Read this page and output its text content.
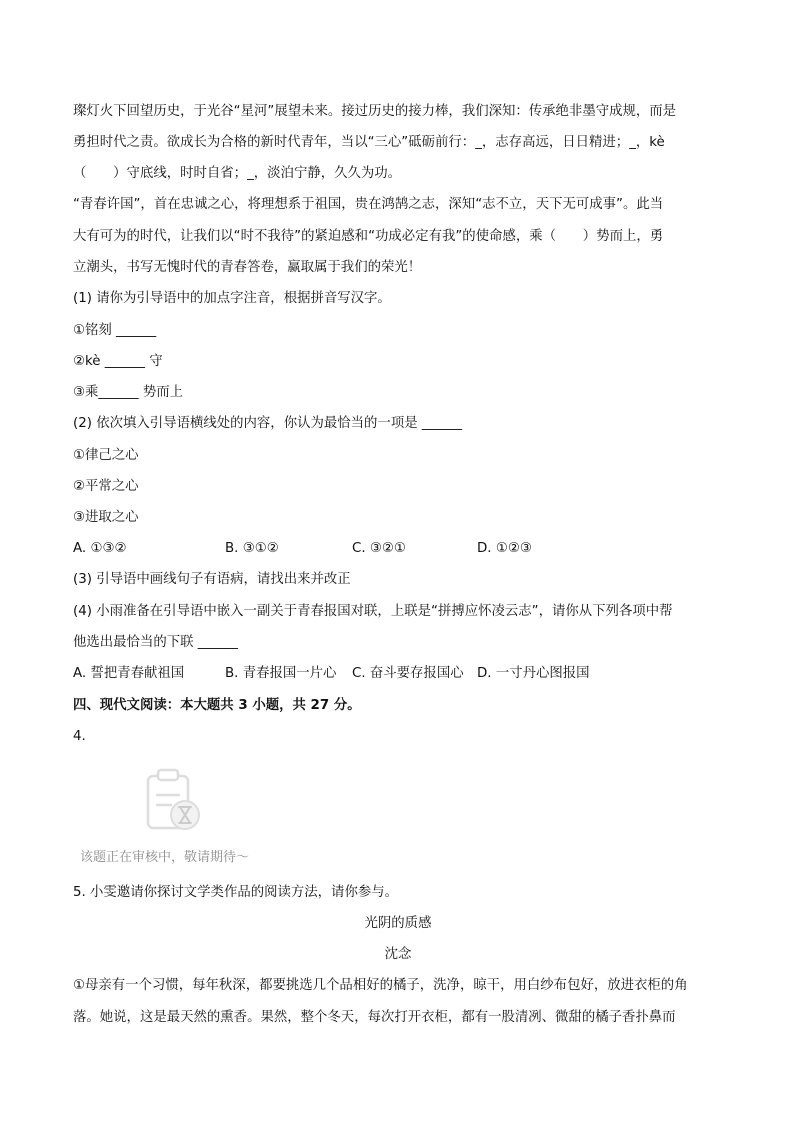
璨灯火下回望历史，于光谷“星河”展望未来。接过历史的接力棒，我们深知：传承绝非墨守成规，而是
勇担时代之责。欲成长为合格的新时代青年，当以“三心”砥砺前行：_，志存高远，日日精进；_，kè
（　　）守底线，时时自省；_，淡泊宁静，久久为功。
“青春许国”，首在忠诚之心，将理想系于祖国，贵在鸿鹄之志，深知“志不立，天下无可成事”。此当
大有可为的时代，让我们以“时不我待”的紧迫感和“功成必定有我”的使命感，乘（　　）势而上，勇
立潮头，书写无愧时代的青春答卷，赢取属于我们的荣光！
(1) 请你为引导语中的加点字注音，根据拼音写汉字。
①铭刻 ______
②kè ______ 守
③乘______ 势而上
(2) 依次填入引导语横线处的内容，你认为最恰当的一项是 ______
①律己之心
②平常之心
③进取之心
A. ①③②	B. ③①②	C. ③②①	D. ①②③
(3) 引导语中画线句子有语病，请找出来并改正
(4) 小雨准备在引导语中嵌入一副关于青春报国对联，上联是“拼搏应怀凌云志”，请你从下列各项中帮
他选出最恰当的下联 ______
A. 誓把青春献祖国	B. 青春报国一片心 C. 奋斗要存报国心 D. 一寸丹心图报国
四、现代文阅读：本大题共 3 小题，共 27 分。
4.
该题正在审核中，敬请期待～
5. 小雯邀请你探讨文学类作品的阅读方法，请你参与。
光阴的质感
沈念
①母亲有一个习惯，每年秋深，都要挑选几个品相好的橘子，洗净，晾干，用白纱布包好，放进衣柜的角
落。她说，这是最天然的熏香。果然，整个冬天，每次打开衣柜，都有一股清冽、微甜的橘子香扑鼻而
